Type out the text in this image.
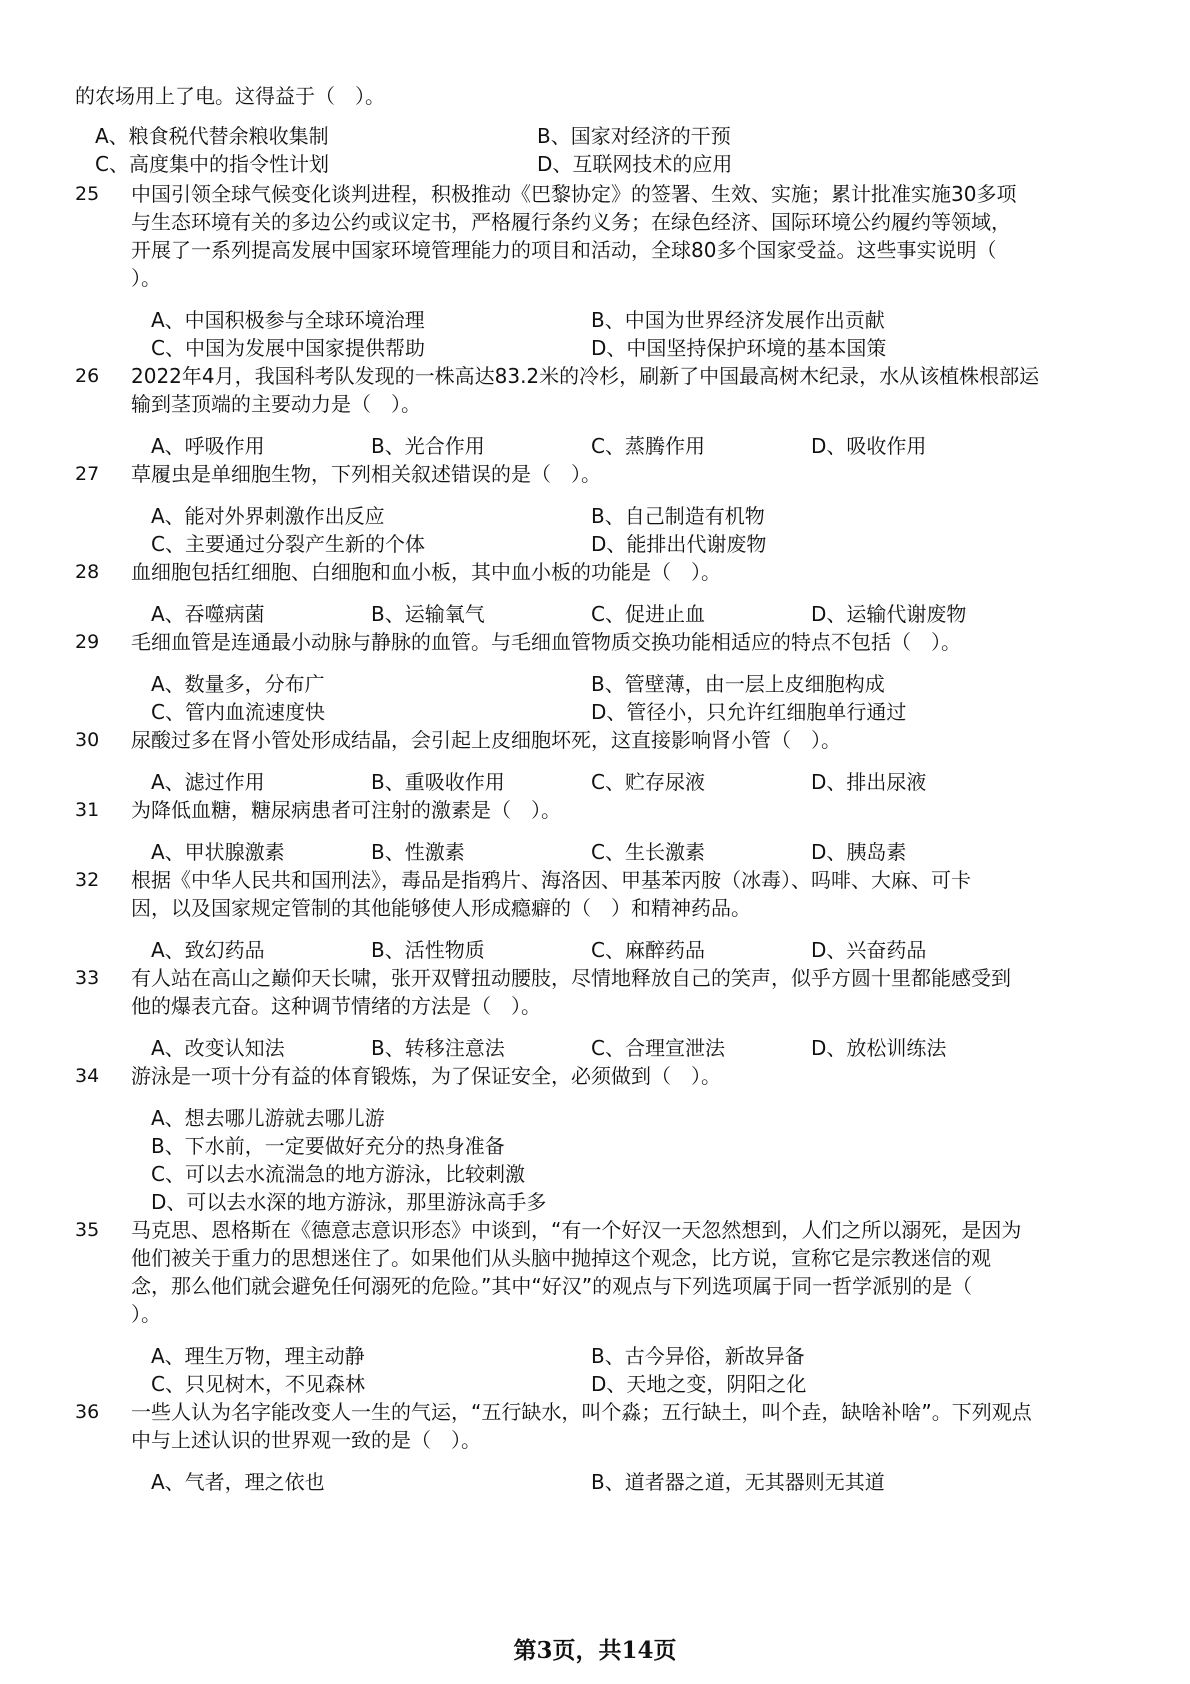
的农场用上了电。这得益于（　）。
A、粮食税代替余粮收集制	B、国家对经济的干预
C、高度集中的指令性计划	D、互联网技术的应用
25 中国引领全球气候变化谈判进程，积极推动《巴黎协定》的签署、生效、实施；累计批准实施30多项
与生态环境有关的多边公约或议定书，严格履行条约义务；在绿色经济、国际环境公约履约等领域，
开展了一系列提高发展中国家环境管理能力的项目和活动，全球80多个国家受益。这些事实说明（
）。
A、中国积极参与全球环境治理	B、中国为世界经济发展作出贡献
C、中国为发展中国家提供帮助	D、中国坚持保护环境的基本国策
26 2022年4月，我国科考队发现的一株高达83.2米的冷杉，刷新了中国最高树木纪录，水从该植株根部运
输到茎顶端的主要动力是（　）。
A、呼吸作用	B、光合作用	C、蒸腾作用	D、吸收作用
27 草履虫是单细胞生物，下列相关叙述错误的是（　）。
A、能对外界刺激作出反应	B、自己制造有机物
C、主要通过分裂产生新的个体	D、能排出代谢废物
28 血细胞包括红细胞、白细胞和血小板，其中血小板的功能是（　）。
A、吞噬病菌	B、运输氧气	C、促进止血	D、运输代谢废物
29 毛细血管是连通最小动脉与静脉的血管。与毛细血管物质交换功能相适应的特点不包括（　）。
A、数量多，分布广	B、管壁薄，由一层上皮细胞构成
C、管内血流速度快	D、管径小，只允许红细胞单行通过
30 尿酸过多在肾小管处形成结晶，会引起上皮细胞坏死，这直接影响肾小管（　）。
A、滤过作用	B、重吸收作用	C、贮存尿液	D、排出尿液
31 为降低血糖，糖尿病患者可注射的激素是（　）。
A、甲状腺激素	B、性激素	C、生长激素	D、胰岛素
32 根据《中华人民共和国刑法》，毒品是指鸦片、海洛因、甲基苯丙胺（冰毒）、吗啡、大麻、可卡
因，以及国家规定管制的其他能够使人形成瘾癖的（　）和精神药品。
A、致幻药品	B、活性物质	C、麻醉药品	D、兴奋药品
33 有人站在高山之巅仰天长啸，张开双臂扭动腰肢，尽情地释放自己的笑声，似乎方圆十里都能感受到
他的爆表亢奋。这种调节情绪的方法是（　）。
A、改变认知法	B、转移注意法	C、合理宣泄法	D、放松训练法
34 游泳是一项十分有益的体育锻炼，为了保证安全，必须做到（　）。
A、想去哪儿游就去哪儿游
B、下水前，一定要做好充分的热身准备
C、可以去水流湍急的地方游泳，比较刺激
D、可以去水深的地方游泳，那里游泳高手多
35 马克思、恩格斯在《德意志意识形态》中谈到，“有一个好汉一天忽然想到，人们之所以溺死，是因为
他们被关于重力的思想迷住了。如果他们从头脑中抛掉这个观念，比方说，宣称它是宗教迷信的观
念，那么他们就会避免任何溺死的危险。”其中“好汉”的观点与下列选项属于同一哲学派别的是（
）。
A、理生万物，理主动静	B、古今异俗，新故异备
C、只见树木，不见森林	D、天地之变，阴阳之化
36 一些人认为名字能改变人一生的气运，“五行缺水，叫个淼；五行缺土，叫个垚，缺啥补啥”。下列观点
中与上述认识的世界观一致的是（　）。
A、气者，理之依也	B、道者器之道，无其器则无其道
第3页，共14页
